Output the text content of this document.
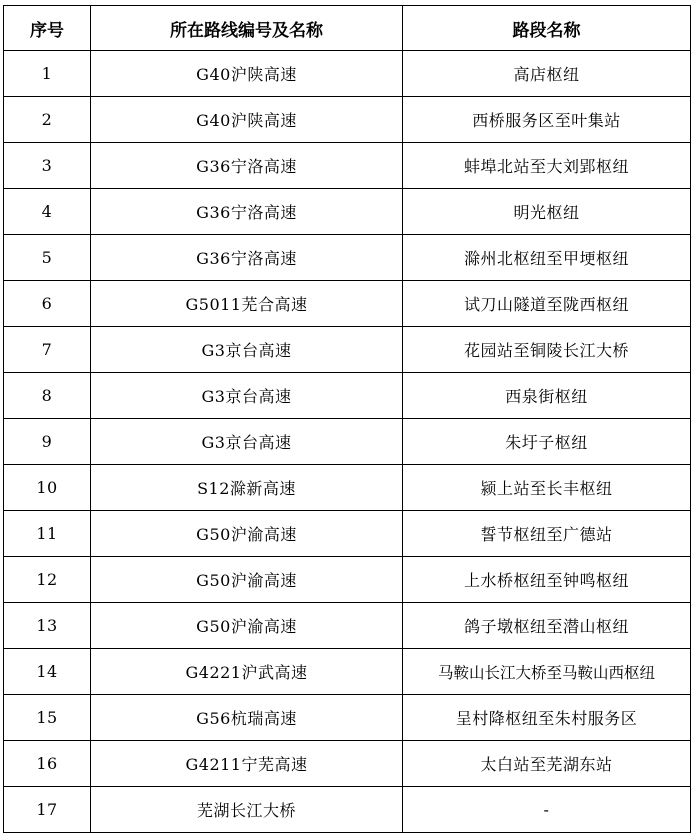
序号	所在路线编号及名称	路段名称
1	G40沪陕高速	高店枢纽
2	G40沪陕高速	西桥服务区至叶集站
3	G36宁洛高速	蚌埠北站至大刘郢枢纽
4	G36宁洛高速	明光枢纽
5	G36宁洛高速	滁州北枢纽至甲埂枢纽
6	G5011芜合高速	试刀山隧道至陇西枢纽
7	G3京台高速	花园站至铜陵长江大桥
8	G3京台高速	西泉街枢纽
9	G3京台高速	朱圩子枢纽
10	S12滁新高速	颍上站至长丰枢纽
11	G50沪渝高速	誓节枢纽至广德站
12	G50沪渝高速	上水桥枢纽至钟鸣枢纽
13	G50沪渝高速	鸽子墩枢纽至潜山枢纽
14	G4221沪武高速	马鞍山长江大桥至马鞍山西枢纽
15	G56杭瑞高速	呈村降枢纽至朱村服务区
16	G4211宁芜高速	太白站至芜湖东站
17	芜湖长江大桥	-
